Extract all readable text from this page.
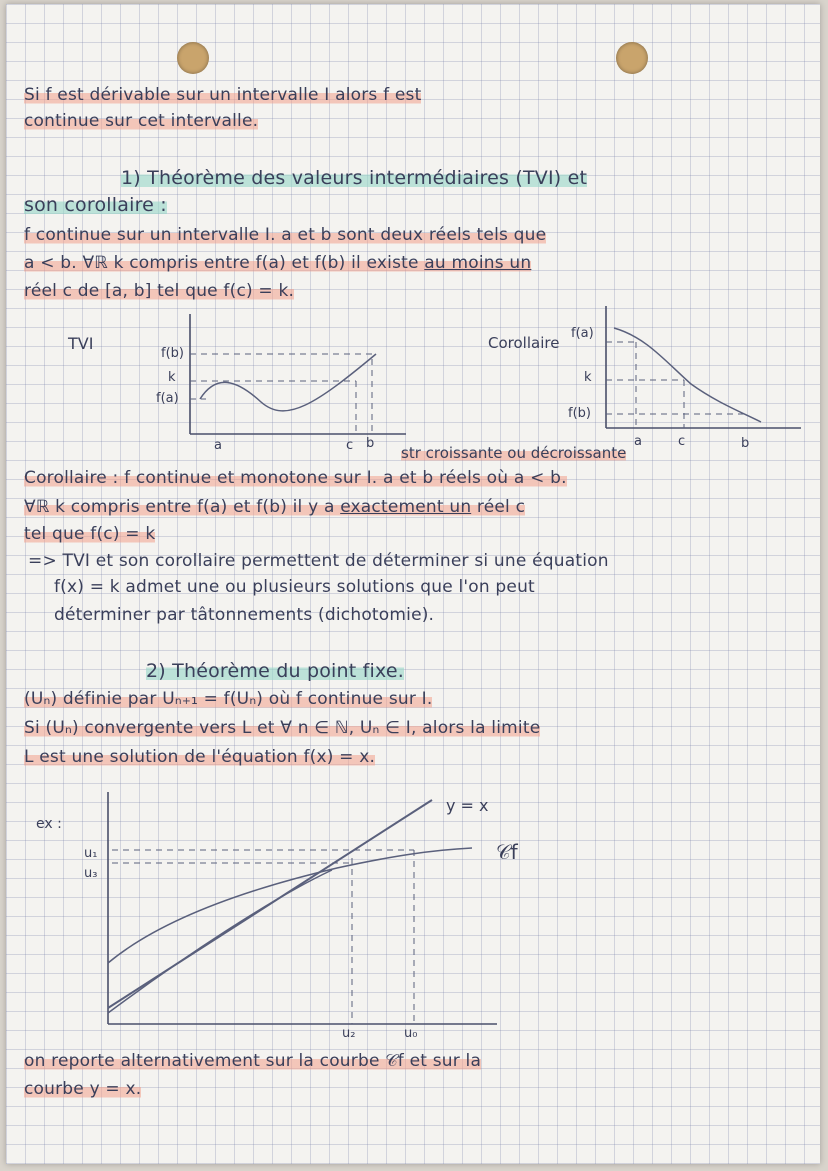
Si f est dérivable sur un intervalle I alors f est
continue sur cet intervalle.
1) Théorème des valeurs intermédiaires (TVI) et
son corollaire :
f continue sur un intervalle I. a et b sont deux réels tels que
a < b. ∀ℝ k compris entre f(a) et f(b) il existe au moins un
réel c de [a, b] tel que f(c) = k.
TVI
f(b)
k
f(a)
a	c b
Corollaire
f(a)
k
f(b)
a	c	b
str croissante ou décroissante
Corollaire : f continue et monotone sur I. a et b réels où a < b.
∀ℝ k compris entre f(a) et f(b) il y a exactement un réel c
tel que f(c) = k
=> TVI et son corollaire permettent de déterminer si une équation
f(x) = k admet une ou plusieurs solutions que l'on peut
déterminer par tâtonnements (dichotomie).
2) Théorème du point fixe.
(Uₙ) définie par Uₙ₊₁ = f(Uₙ) où f continue sur I.
Si (Uₙ) convergente vers L et ∀ n ∈ ℕ, Uₙ ∈ I, alors la limite
L est une solution de l'équation f(x) = x.
ex :
y = x
𝒞f
u₁
u₃
u₂	u₀
on reporte alternativement sur la courbe 𝒞f et sur la
courbe y = x.
